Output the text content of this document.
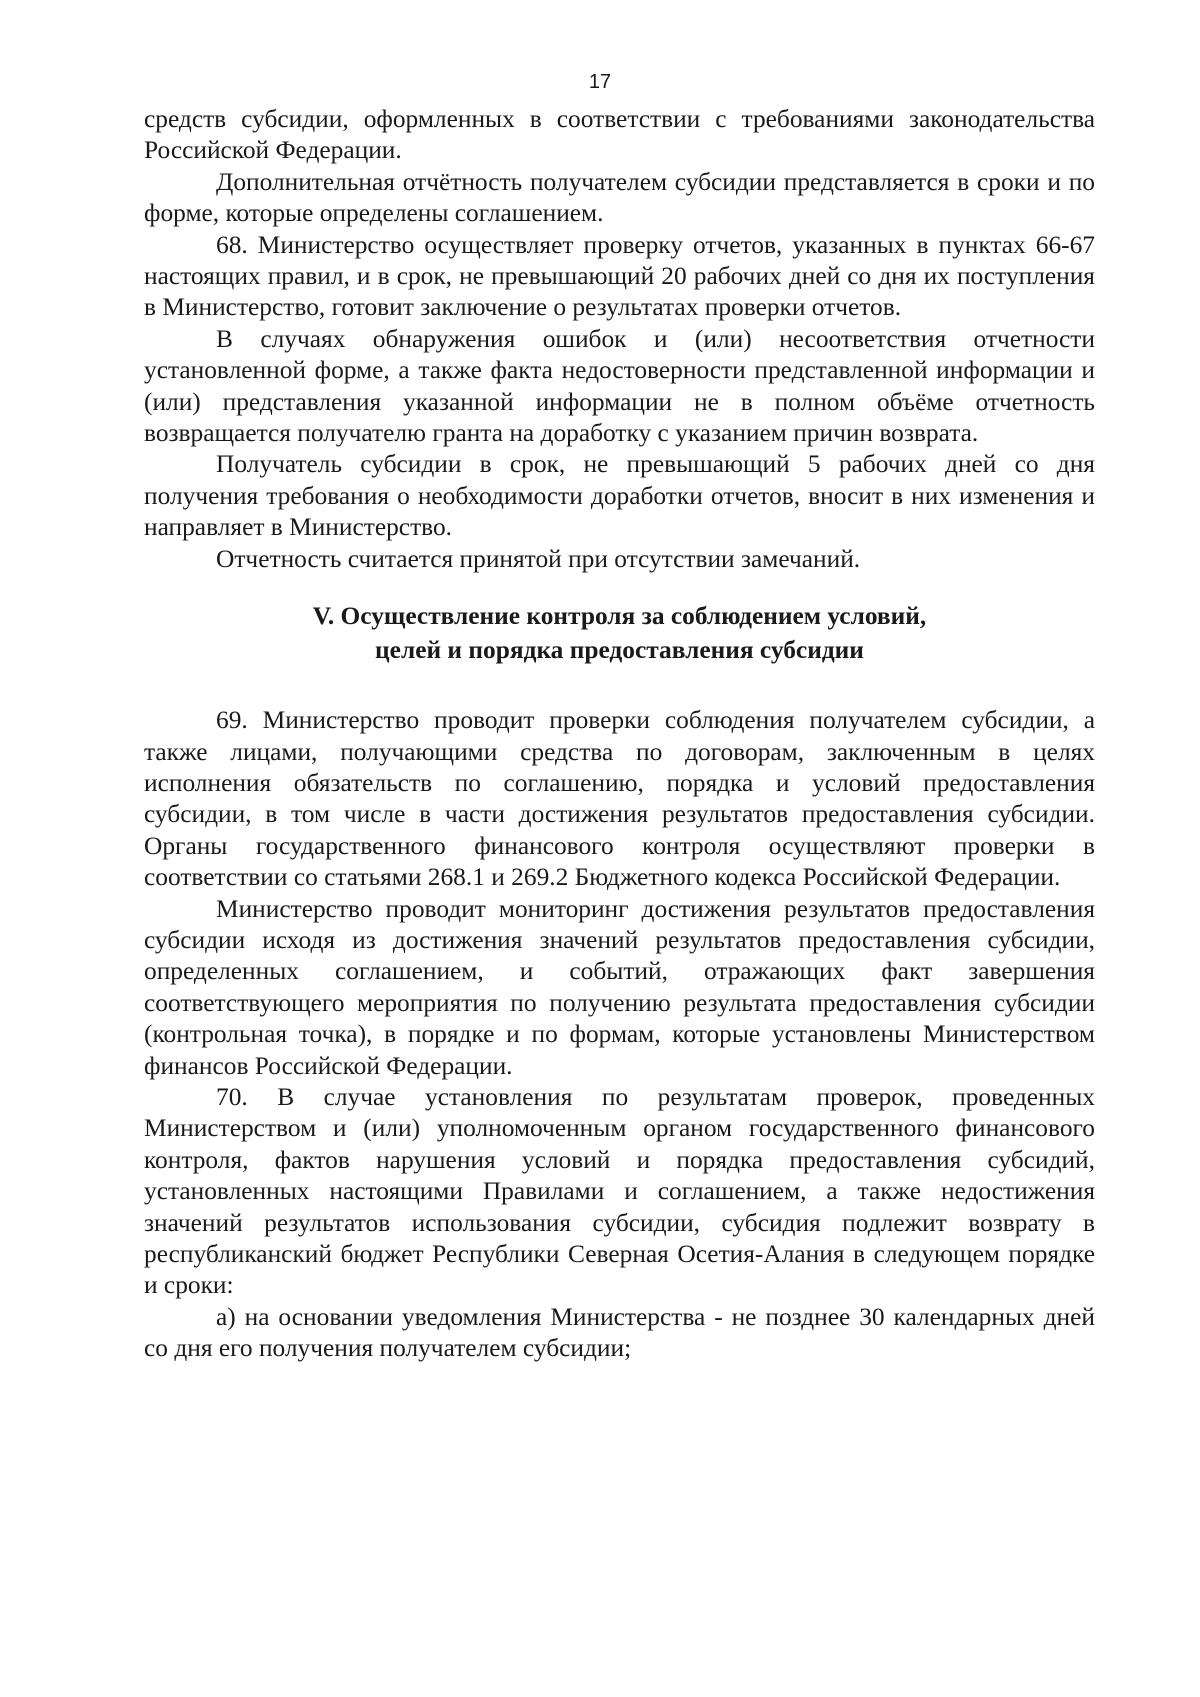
17

средств субсидии, оформленных в соответствии с требованиями законодательства Российской Федерации.

Дополнительная отчётность получателем субсидии представляется в сроки и по форме, которые определены соглашением.

68. Министерство осуществляет проверку отчетов, указанных в пунктах 66-67 настоящих правил, и в срок, не превышающий 20 рабочих дней со дня их поступления в Министерство, готовит заключение о результатах проверки отчетов.

В случаях обнаружения ошибок и (или) несоответствия отчетности установленной форме, а также факта недостоверности представленной информации и (или) представления указанной информации не в полном объёме отчетность возвращается получателю гранта на доработку с указанием причин возврата.

Получатель субсидии в срок, не превышающий 5 рабочих дней со дня получения требования о необходимости доработки отчетов, вносит в них изменения и направляет в Министерство.

Отчетность считается принятой при отсутствии замечаний.

V. Осуществление контроля за соблюдением условий,
целей и порядка предоставления субсидии

69. Министерство проводит проверки соблюдения получателем субсидии, а также лицами, получающими средства по договорам, заключенным в целях исполнения обязательств по соглашению, порядка и условий предоставления субсидии, в том числе в части достижения результатов предоставления субсидии. Органы государственного финансового контроля осуществляют проверки в соответствии со статьями 268.1 и 269.2 Бюджетного кодекса Российской Федерации.

Министерство проводит мониторинг достижения результатов предоставления субсидии исходя из достижения значений результатов предоставления субсидии, определенных соглашением, и событий, отражающих факт завершения соответствующего мероприятия по получению результата предоставления субсидии (контрольная точка), в порядке и по формам, которые установлены Министерством финансов Российской Федерации.

70. В случае установления по результатам проверок, проведенных Министерством и (или) уполномоченным органом государственного финансового контроля, фактов нарушения условий и порядка предоставления субсидий, установленных настоящими Правилами и соглашением, а также недостижения значений результатов использования субсидии, субсидия подлежит возврату в республиканский бюджет Республики Северная Осетия-Алания в следующем порядке и сроки:

а) на основании уведомления Министерства - не позднее 30 календарных дней со дня его получения получателем субсидии;
